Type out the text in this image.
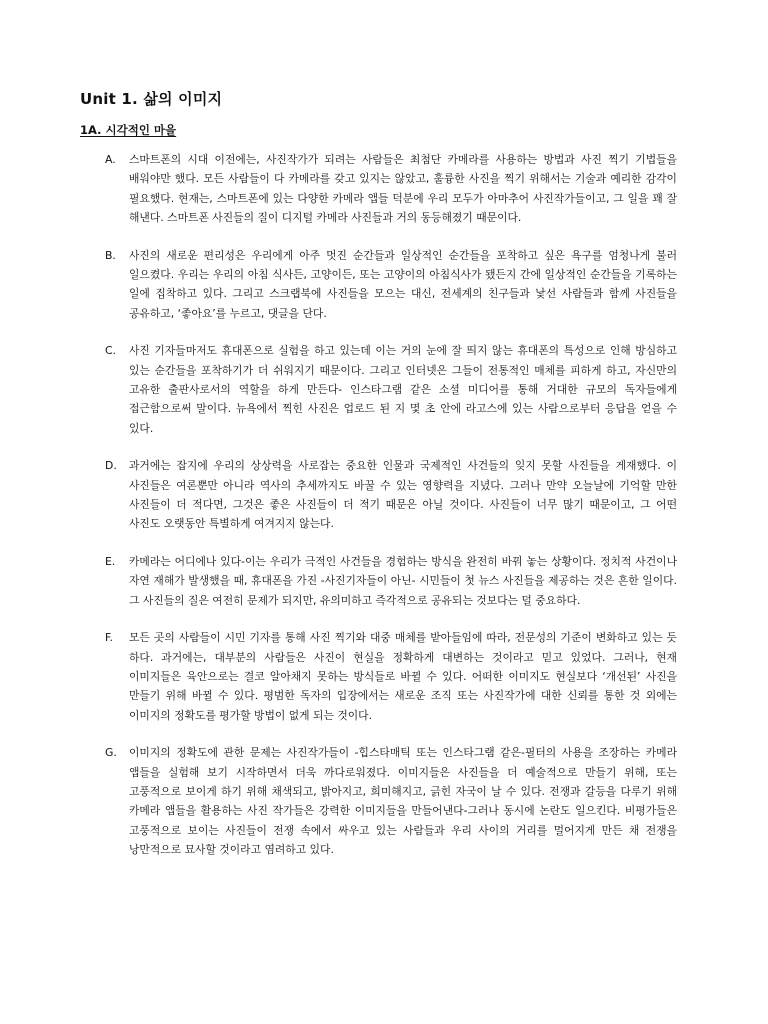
Unit 1. 삶의 이미지
1A. 시각적인 마을
A.	스마트폰의 시대 이전에는, 사진작가가 되려는 사람들은 최첨단 카메라를 사용하는 방법과 사진 찍기 기법들을 배워야만 했다. 모든 사람들이 다 카메라를 갖고 있지는 않았고, 훌륭한 사진을 찍기 위해서는 기술과 예리한 감각이 필요했다. 현재는, 스마트폰에 있는 다양한 카메라 앱들 덕분에 우리 모두가 아마추어 사진작가들이고, 그 일을 꽤 잘 해낸다. 스마트폰 사진들의 질이 디지털 카메라 사진들과 거의 동등해졌기 때문이다.
B.	사진의 새로운 편리성은 우리에게 아주 멋진 순간들과 일상적인 순간들을 포착하고 싶은 욕구를 엄청나게 불러 일으켰다. 우리는 우리의 아침 식사든, 고양이든, 또는 고양이의 아침식사가 됐든지 간에 일상적인 순간들을 기록하는 일에 집착하고 있다. 그리고 스크랩북에 사진들을 모으는 대신, 전세계의 친구들과 낯선 사람들과 함께 사진들을 공유하고, ‘좋아요’를 누르고, 댓글을 단다.
C.	사진 기자들마저도 휴대폰으로 실험을 하고 있는데 이는 거의 눈에 잘 띄지 않는 휴대폰의 특성으로 인해 방심하고 있는 순간들을 포착하기가 더 쉬워지기 때문이다. 그리고 인터넷은 그들이 전통적인 매체를 피하게 하고, 자신만의 고유한 출판사로서의 역할을 하게 만든다- 인스타그램 같은 소셜 미디어를 통해 거대한 규모의 독자들에게 접근함으로써 말이다. 뉴욕에서 찍힌 사진은 업로드 된 지 몇 초 안에 라고스에 있는 사람으로부터 응답을 얻을 수 있다.
D.	과거에는 잡지에 우리의 상상력을 사로잡는 중요한 인물과 국제적인 사건들의 잊지 못할 사진들을 게재했다. 이 사진들은 여론뿐만 아니라 역사의 추세까지도 바꿀 수 있는 영향력을 지녔다. 그러나 만약 오늘날에 기억할 만한 사진들이 더 적다면, 그것은 좋은 사진들이 더 적기 때문은 아닐 것이다. 사진들이 너무 많기 때문이고, 그 어떤 사진도 오랫동안 특별하게 여겨지지 않는다.
E.	카메라는 어디에나 있다-이는 우리가 극적인 사건들을 경험하는 방식을 완전히 바꿔 놓는 상황이다. 정치적 사건이나 자연 재해가 발생했을 때, 휴대폰을 가진 -사진기자들이 아닌- 시민들이 첫 뉴스 사진들을 제공하는 것은 흔한 일이다. 그 사진들의 질은 여전히 문제가 되지만, 유의미하고 즉각적으로 공유되는 것보다는 덜 중요하다.
F.	모든 곳의 사람들이 시민 기자를 통해 사진 찍기와 대중 매체를 받아들임에 따라, 전문성의 기준이 변화하고 있는 듯 하다. 과거에는, 대부분의 사람들은 사진이 현실을 정확하게 대변하는 것이라고 믿고 있었다. 그러나, 현재 이미지들은 육안으로는 결코 알아채지 못하는 방식들로 바뀔 수 있다. 어떠한 이미지도 현실보다 ‘개선된’ 사진을 만들기 위해 바뀔 수 있다. 평범한 독자의 입장에서는 새로운 조직 또는 사진작가에 대한 신뢰를 통한 것 외에는 이미지의 정확도를 평가할 방법이 없게 되는 것이다.
G.	이미지의 정확도에 관한 문제는 사진작가들이 -힙스타매틱 또는 인스타그램 같은-필터의 사용을 조장하는 카메라 앱들을 실험해 보기 시작하면서 더욱 까다로워졌다. 이미지들은 사진들을 더 예술적으로 만들기 위해, 또는 고풍적으로 보이게 하기 위해 채색되고, 밝아지고, 희미해지고, 긁힌 자국이 날 수 있다. 전쟁과 갈등을 다루기 위해 카메라 앱들을 활용하는 사진 작가들은 강력한 이미지들을 만들어낸다-그러나 동시에 논란도 일으킨다. 비평가들은 고풍적으로 보이는 사진들이 전쟁 속에서 싸우고 있는 사람들과 우리 사이의 거리를 멀어지게 만든 채 전쟁을 낭만적으로 묘사할 것이라고 염려하고 있다.
